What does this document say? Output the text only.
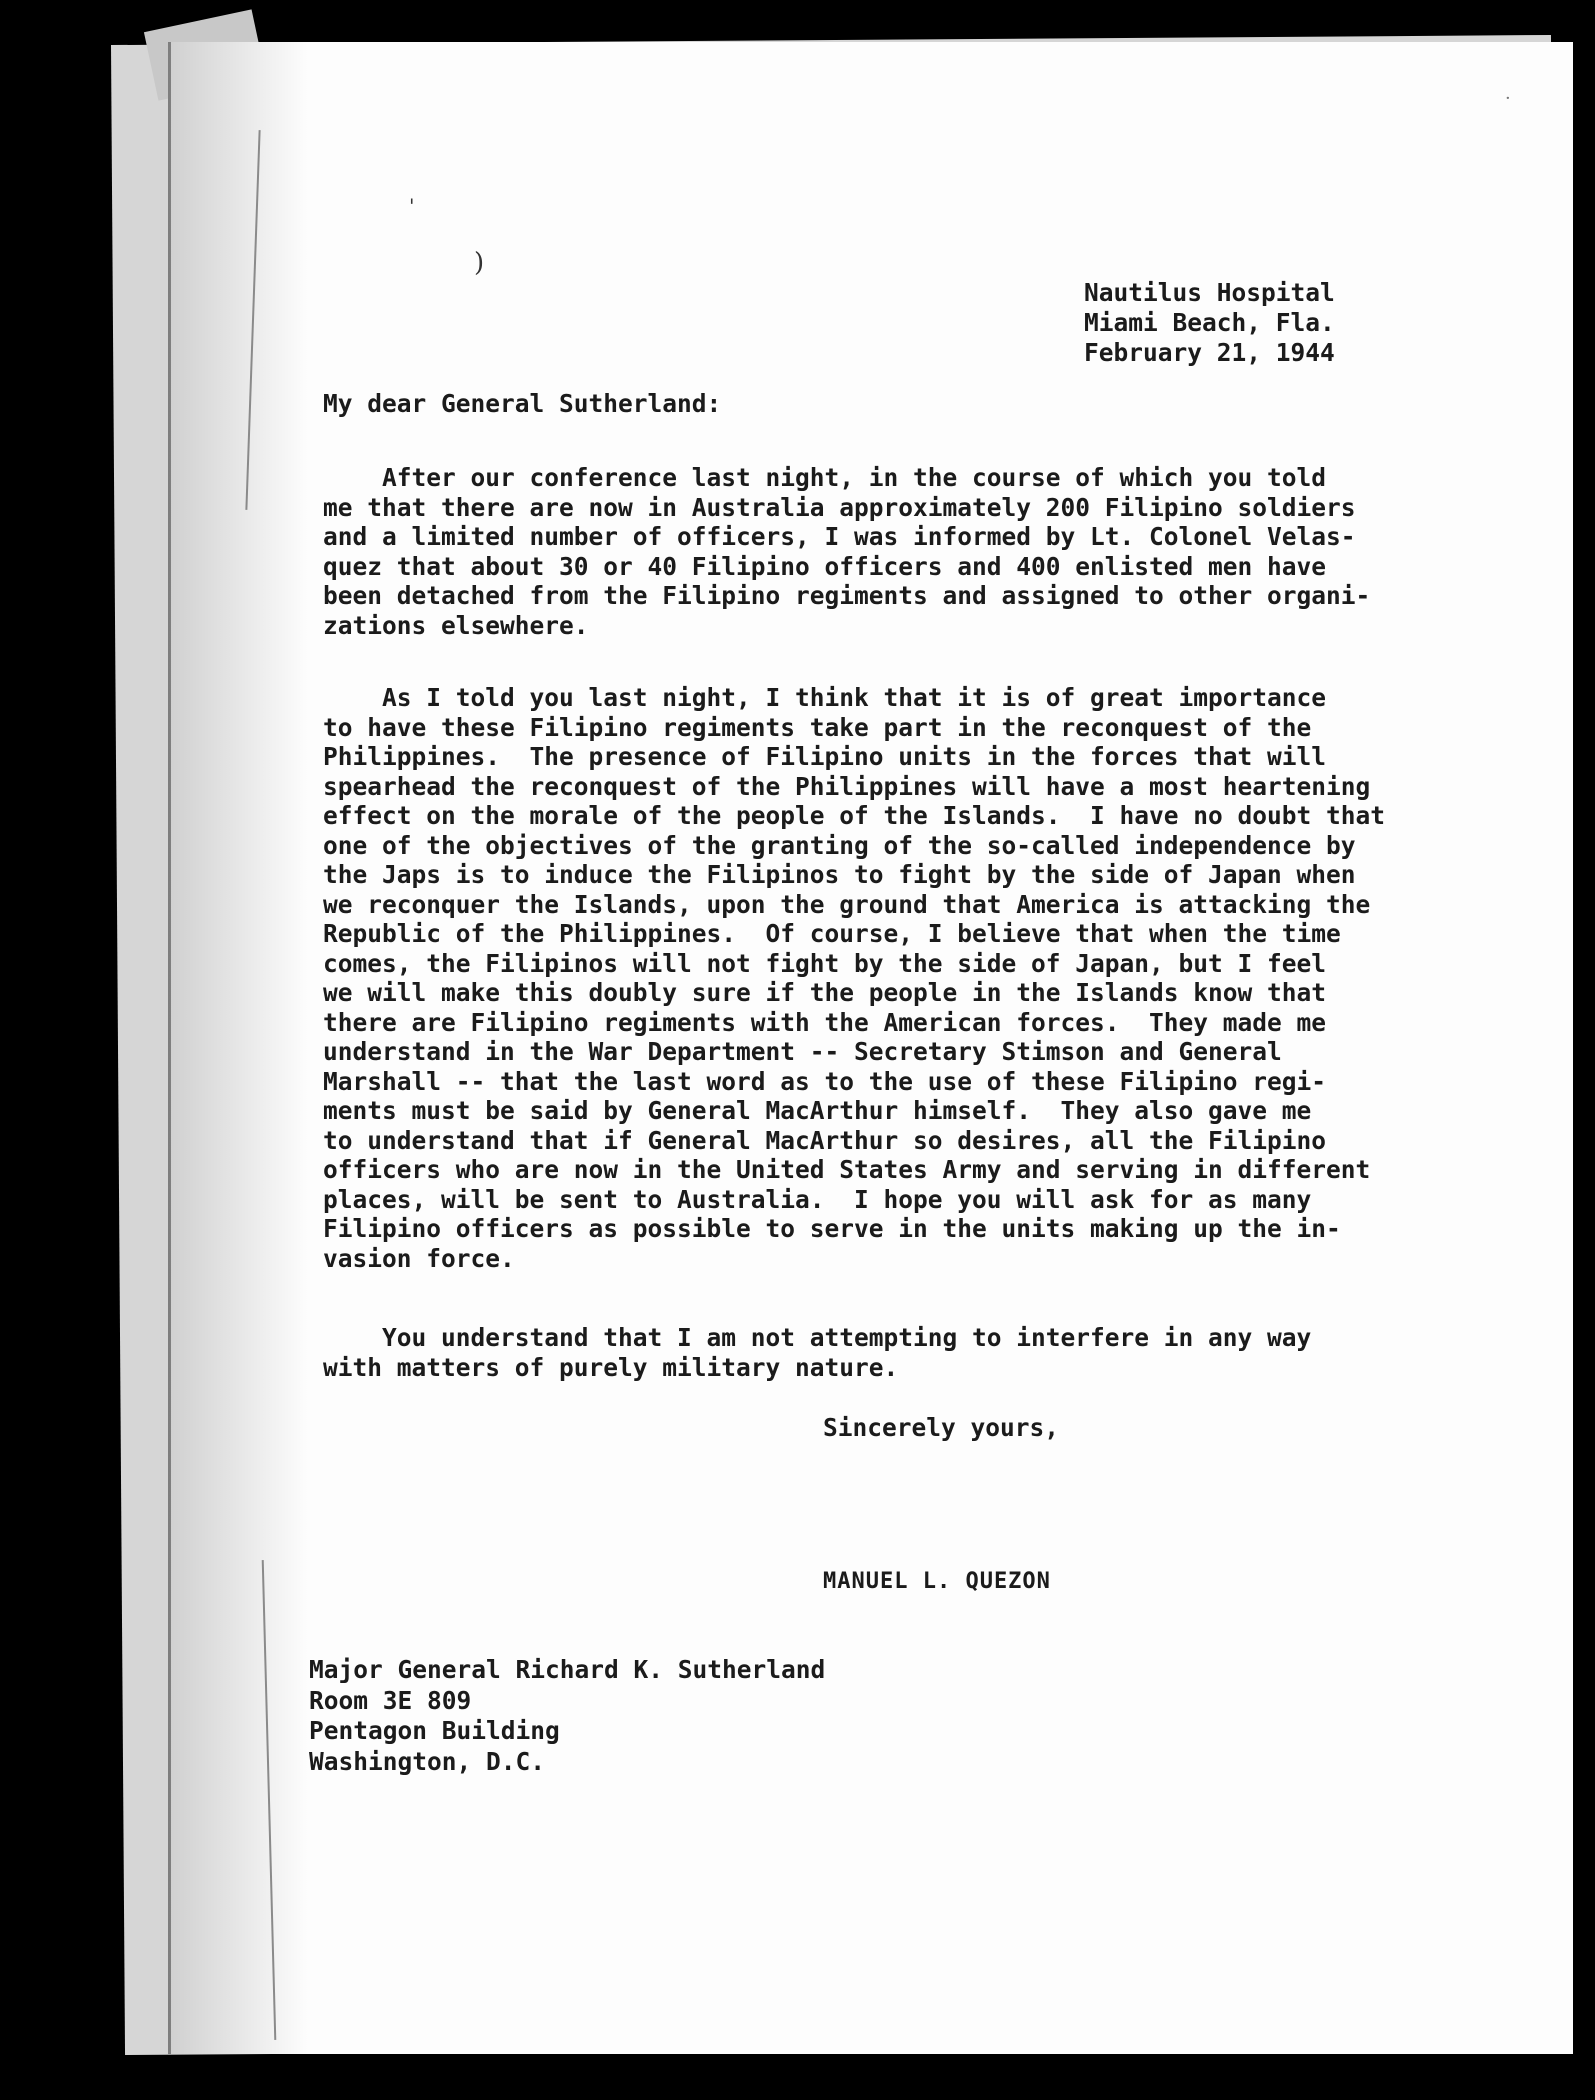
'
)
·
Nautilus Hospital
Miami Beach, Fla.
February 21, 1944
My dear General Sutherland:
After our conference last night, in the course of which you told
me that there are now in Australia approximately 200 Filipino soldiers
and a limited number of officers, I was informed by Lt. Colonel Velas-
quez that about 30 or 40 Filipino officers and 400 enlisted men have
been detached from the Filipino regiments and assigned to other organi-
zations elsewhere.
As I told you last night, I think that it is of great importance
to have these Filipino regiments take part in the reconquest of the
Philippines.  The presence of Filipino units in the forces that will
spearhead the reconquest of the Philippines will have a most heartening
effect on the morale of the people of the Islands.  I have no doubt that
one of the objectives of the granting of the so-called independence by
the Japs is to induce the Filipinos to fight by the side of Japan when
we reconquer the Islands, upon the ground that America is attacking the
Republic of the Philippines.  Of course, I believe that when the time
comes, the Filipinos will not fight by the side of Japan, but I feel
we will make this doubly sure if the people in the Islands know that
there are Filipino regiments with the American forces.  They made me
understand in the War Department -- Secretary Stimson and General
Marshall -- that the last word as to the use of these Filipino regi-
ments must be said by General MacArthur himself.  They also gave me
to understand that if General MacArthur so desires, all the Filipino
officers who are now in the United States Army and serving in different
places, will be sent to Australia.  I hope you will ask for as many
Filipino officers as possible to serve in the units making up the in-
vasion force.
You understand that I am not attempting to interfere in any way
with matters of purely military nature.
Sincerely yours,
MANUEL L. QUEZON
Major General Richard K. Sutherland
Room 3E 809
Pentagon Building
Washington, D.C.
